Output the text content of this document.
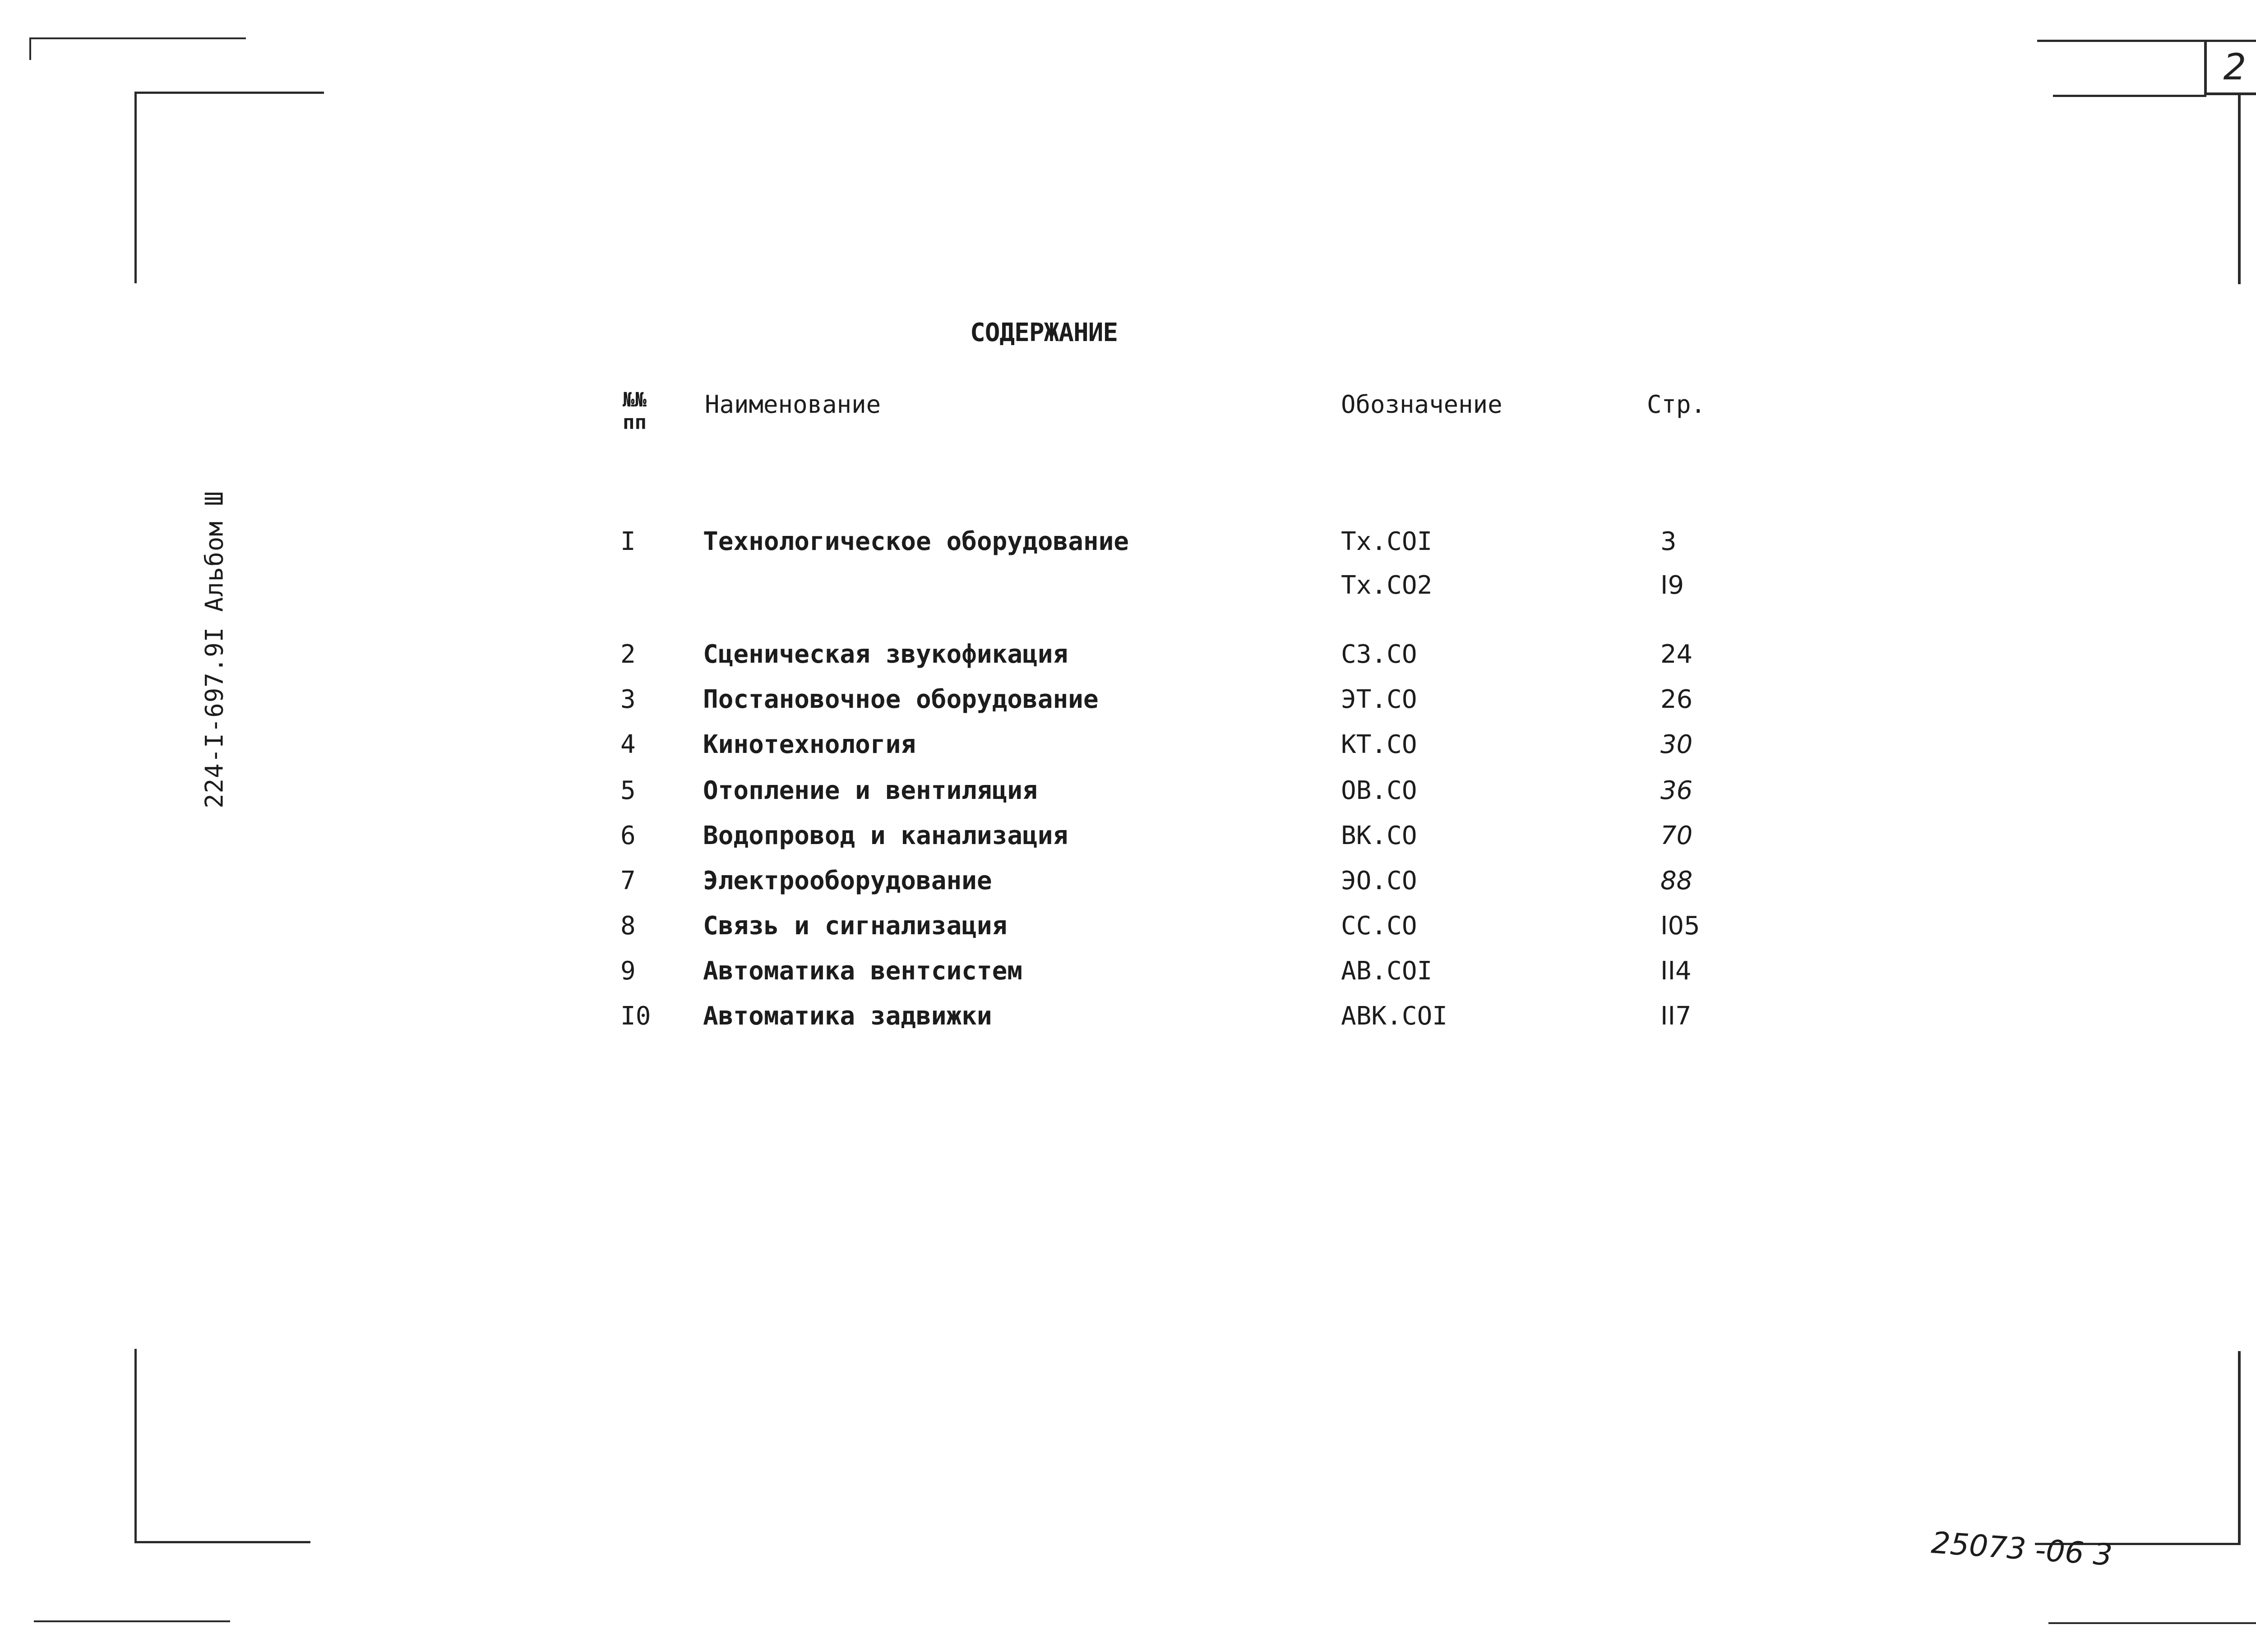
2
224-I-697.9I Альбом Ш
СОДЕРЖАНИЕ
№№
пп
Наименование	Обозначение	Стр.
I	Технологическое оборудование	Тх.СОI	3
Тх.СО2	I9
2	Сценическая звукофикация	СЗ.СО	24
3	Постановочное оборудование	ЭТ.СО	26
4	Кинотехнология	КТ.СО	30
5	Отопление и вентиляция	ОВ.СО	36
6	Водопровод и канализация	ВК.СО	70
7	Электрооборудование	ЭО.СО	88
8	Связь и сигнализация	СС.СО	I05
9	Автоматика вентсистем	АВ.СОI	II4
I0 Автоматика задвижки	АВК.СОI	II7
25073 -06 3
